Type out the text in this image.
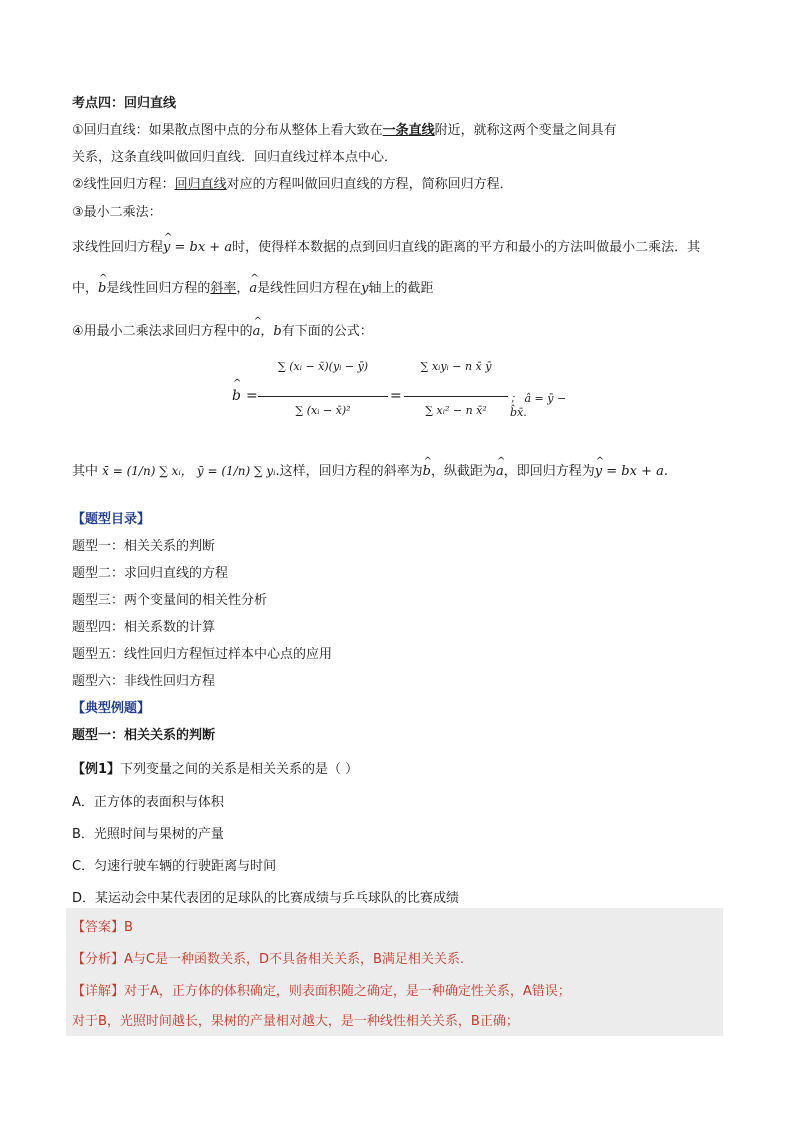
考点四：回归直线
①回归直线：如果散点图中点的分布从整体上看大致在一条直线附近，就称这两个变量之间具有
关系，这条直线叫做回归直线．回归直线过样本点中心．
②线性回归方程：回归直线对应的方程叫做回归直线的方程，简称回归方程．
③最小二乘法：
求线性回归方程^ y = bx + a时，使得样本数据的点到回归直线的距离的平方和最小的方法叫做最小二乘法．其
中，^ b是线性回归方程的斜率，^ a是线性回归方程在y轴上的截距
④用最小二乘法求回归方程中的^ a，b有下面的公式：
^ b =
∑ (xᵢ − x̄)(yᵢ − ȳ)
∑ (xᵢ − x̄)²
=
∑ xᵢyᵢ − n x̄ ȳ
∑ xᵢ² − n x̄²
； â = ȳ − b̂x̄.
其中 x̄ = (1/n) ∑ xᵢ， ȳ = (1/n) ∑ yᵢ.这样，回归方程的斜率为^ b，纵截距为^ a，即回归方程为^ y = bx + a.
【题型目录】
题型一：相关关系的判断
题型二：求回归直线的方程
题型三：两个变量间的相关性分析
题型四：相关系数的计算
题型五：线性回归方程恒过样本中心点的应用
题型六：非线性回归方程
【典型例题】
题型一：相关关系的判断
【例1】下列变量之间的关系是相关关系的是（ ）
A．正方体的表面积与体积
B．光照时间与果树的产量
C．匀速行驶车辆的行驶距离与时间
D．某运动会中某代表团的足球队的比赛成绩与乒乓球队的比赛成绩
【答案】B
【分析】A与C是一种函数关系，D不具备相关关系，B满足相关关系.
【详解】对于A，正方体的体积确定，则表面积随之确定，是一种确定性关系，A错误；
对于B，光照时间越长，果树的产量相对越大，是一种线性相关关系，B正确；
